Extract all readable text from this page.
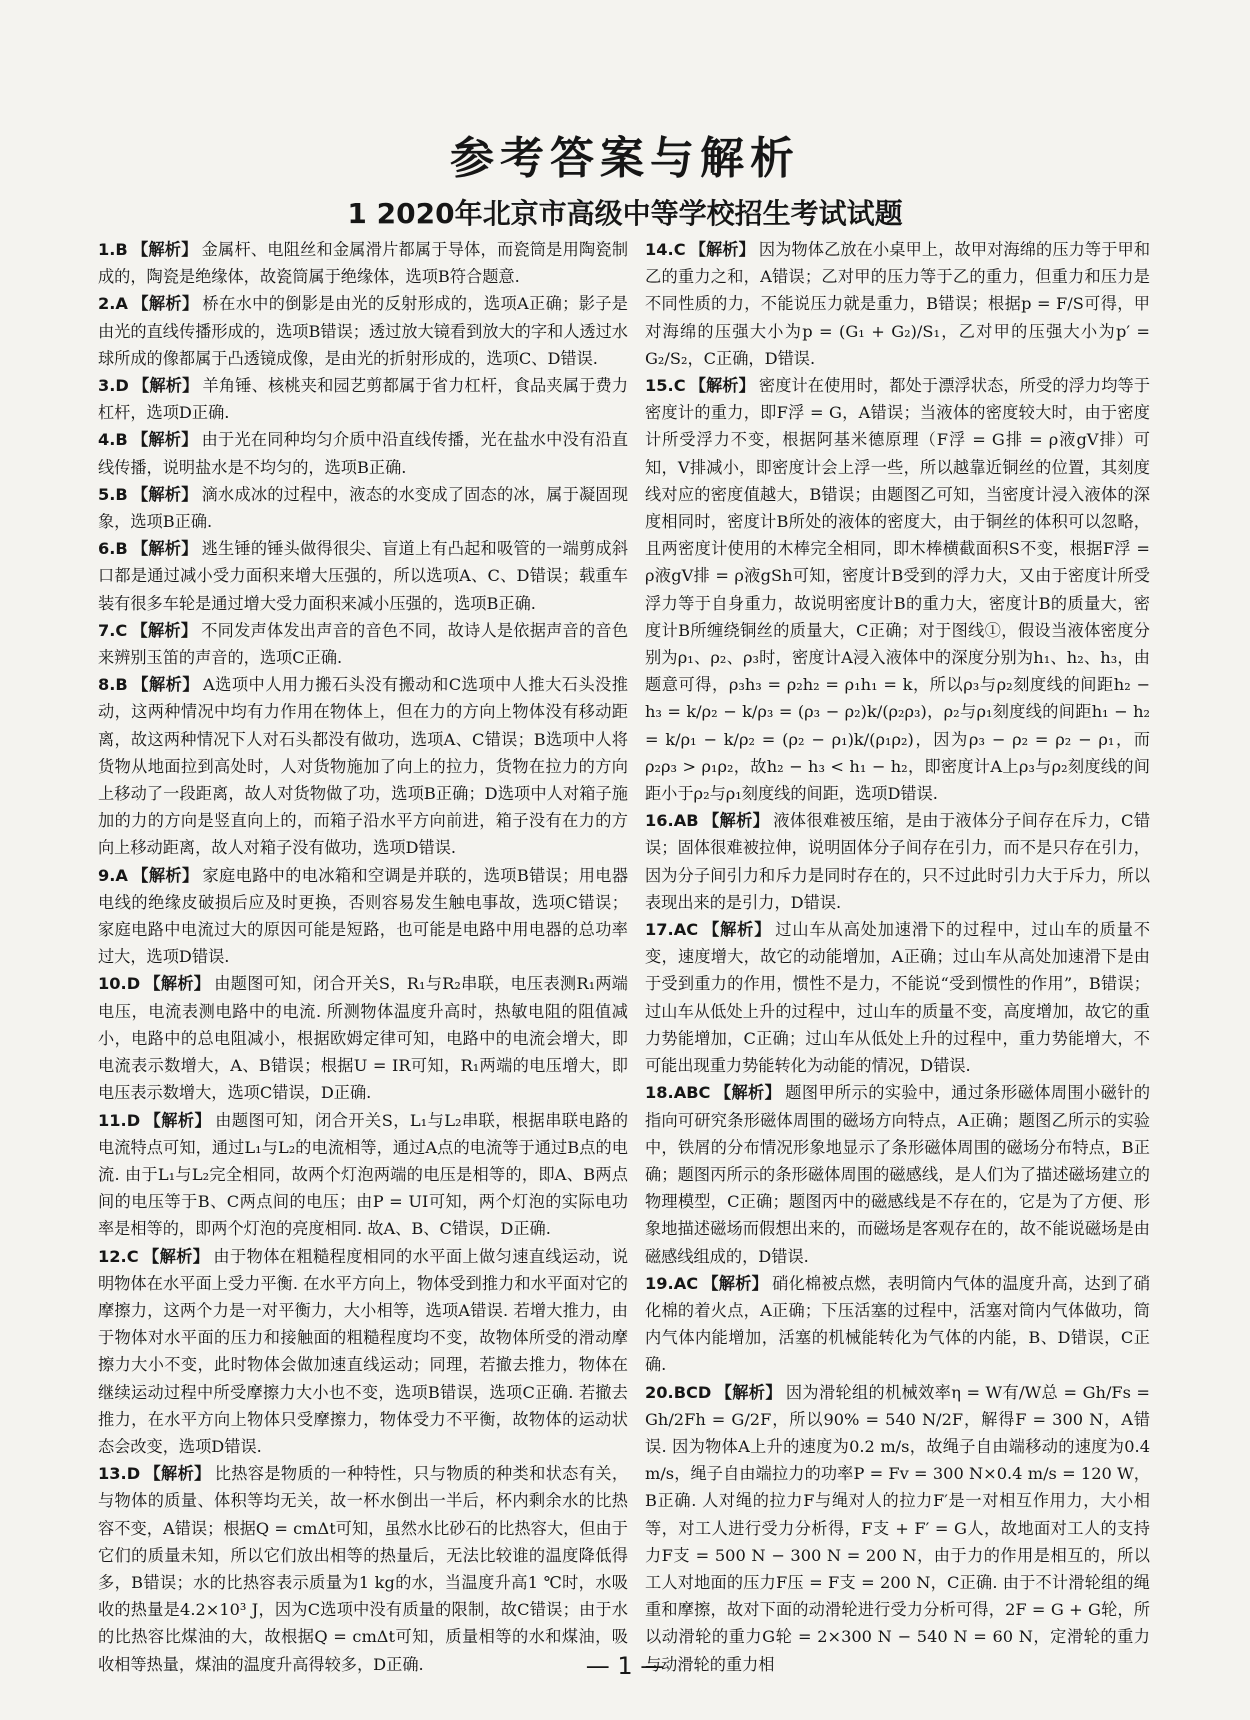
参考答案与解析
1 2020年北京市高级中等学校招生考试试题

1.B 【解析】 金属杆、电阻丝和金属滑片都属于导体，而瓷筒是用陶瓷制成的，陶瓷是绝缘体，故瓷筒属于绝缘体，选项B符合题意.

2.A 【解析】 桥在水中的倒影是由光的反射形成的，选项A正确；影子是由光的直线传播形成的，选项B错误；透过放大镜看到放大的字和人透过水球所成的像都属于凸透镜成像，是由光的折射形成的，选项C、D错误.

3.D 【解析】 羊角锤、核桃夹和园艺剪都属于省力杠杆，食品夹属于费力杠杆，选项D正确.

4.B 【解析】 由于光在同种均匀介质中沿直线传播，光在盐水中没有沿直线传播，说明盐水是不均匀的，选项B正确.

5.B 【解析】 滴水成冰的过程中，液态的水变成了固态的冰，属于凝固现象，选项B正确.

6.B 【解析】 逃生锤的锤头做得很尖、盲道上有凸起和吸管的一端剪成斜口都是通过减小受力面积来增大压强的，所以选项A、C、D错误；载重车装有很多车轮是通过增大受力面积来减小压强的，选项B正确.

7.C 【解析】 不同发声体发出声音的音色不同，故诗人是依据声音的音色来辨别玉笛的声音的，选项C正确.

8.B 【解析】 A选项中人用力搬石头没有搬动和C选项中人推大石头没推动，这两种情况中均有力作用在物体上，但在力的方向上物体没有移动距离，故这两种情况下人对石头都没有做功，选项A、C错误；B选项中人将货物从地面拉到高处时，人对货物施加了向上的拉力，货物在拉力的方向上移动了一段距离，故人对货物做了功，选项B正确；D选项中人对箱子施加的力的方向是竖直向上的，而箱子沿水平方向前进，箱子没有在力的方向上移动距离，故人对箱子没有做功，选项D错误.

9.A 【解析】 家庭电路中的电冰箱和空调是并联的，选项B错误；用电器电线的绝缘皮破损后应及时更换，否则容易发生触电事故，选项C错误；家庭电路中电流过大的原因可能是短路，也可能是电路中用电器的总功率过大，选项D错误.

10.D 【解析】 由题图可知，闭合开关S，R₁与R₂串联，电压表测R₁两端电压，电流表测电路中的电流. 所测物体温度升高时，热敏电阻的阻值减小，电路中的总电阻减小，根据欧姆定律可知，电路中的电流会增大，即电流表示数增大，A、B错误；根据U = IR可知，R₁两端的电压增大，即电压表示数增大，选项C错误，D正确.

11.D 【解析】 由题图可知，闭合开关S，L₁与L₂串联，根据串联电路的电流特点可知，通过L₁与L₂的电流相等，通过A点的电流等于通过B点的电流. 由于L₁与L₂完全相同，故两个灯泡两端的电压是相等的，即A、B两点间的电压等于B、C两点间的电压；由P = UI可知，两个灯泡的实际电功率是相等的，即两个灯泡的亮度相同. 故A、B、C错误，D正确.

12.C 【解析】 由于物体在粗糙程度相同的水平面上做匀速直线运动，说明物体在水平面上受力平衡. 在水平方向上，物体受到推力和水平面对它的摩擦力，这两个力是一对平衡力，大小相等，选项A错误. 若增大推力，由于物体对水平面的压力和接触面的粗糙程度均不变，故物体所受的滑动摩擦力大小不变，此时物体会做加速直线运动；同理，若撤去推力，物体在继续运动过程中所受摩擦力大小也不变，选项B错误，选项C正确. 若撤去推力，在水平方向上物体只受摩擦力，物体受力不平衡，故物体的运动状态会改变，选项D错误.

13.D 【解析】 比热容是物质的一种特性，只与物质的种类和状态有关，与物体的质量、体积等均无关，故一杯水倒出一半后，杯内剩余水的比热容不变，A错误；根据Q = cmΔt可知，虽然水比砂石的比热容大，但由于它们的质量未知，所以它们放出相等的热量后，无法比较谁的温度降低得多，B错误；水的比热容表示质量为1 kg的水，当温度升高1 ℃时，水吸收的热量是4.2×10³ J，因为C选项中没有质量的限制，故C错误；由于水的比热容比煤油的大，故根据Q = cmΔt可知，质量相等的水和煤油，吸收相等热量，煤油的温度升高得较多，D正确.

14.C 【解析】 因为物体乙放在小桌甲上，故甲对海绵的压力等于甲和乙的重力之和，A错误；乙对甲的压力等于乙的重力，但重力和压力是不同性质的力，不能说压力就是重力，B错误；根据p = F/S可得，甲对海绵的压强大小为p = (G₁ + G₂)/S₁，乙对甲的压强大小为p′ = G₂/S₂，C正确，D错误.

15.C 【解析】 密度计在使用时，都处于漂浮状态，所受的浮力均等于密度计的重力，即F浮 = G，A错误；当液体的密度较大时，由于密度计所受浮力不变，根据阿基米德原理（F浮 = G排 = ρ液gV排）可知，V排减小，即密度计会上浮一些，所以越靠近铜丝的位置，其刻度线对应的密度值越大，B错误；由题图乙可知，当密度计浸入液体的深度相同时，密度计B所处的液体的密度大，由于铜丝的体积可以忽略，且两密度计使用的木棒完全相同，即木棒横截面积S不变，根据F浮 = ρ液gV排 = ρ液gSh可知，密度计B受到的浮力大，又由于密度计所受浮力等于自身重力，故说明密度计B的重力大，密度计B的质量大，密度计B所缠绕铜丝的质量大，C正确；对于图线①，假设当液体密度分别为ρ₁、ρ₂、ρ₃时，密度计A浸入液体中的深度分别为h₁、h₂、h₃，由题意可得，ρ₃h₃ = ρ₂h₂ = ρ₁h₁ = k，所以ρ₃与ρ₂刻度线的间距h₂ − h₃ = k/ρ₂ − k/ρ₃ = (ρ₃ − ρ₂)k/(ρ₂ρ₃)，ρ₂与ρ₁刻度线的间距h₁ − h₂ = k/ρ₁ − k/ρ₂ = (ρ₂ − ρ₁)k/(ρ₁ρ₂)，因为ρ₃ − ρ₂ = ρ₂ − ρ₁，而ρ₂ρ₃ > ρ₁ρ₂，故h₂ − h₃ < h₁ − h₂，即密度计A上ρ₃与ρ₂刻度线的间距小于ρ₂与ρ₁刻度线的间距，选项D错误.

16.AB 【解析】 液体很难被压缩，是由于液体分子间存在斥力，C错误；固体很难被拉伸，说明固体分子间存在引力，而不是只存在引力，因为分子间引力和斥力是同时存在的，只不过此时引力大于斥力，所以表现出来的是引力，D错误.

17.AC 【解析】 过山车从高处加速滑下的过程中，过山车的质量不变，速度增大，故它的动能增加，A正确；过山车从高处加速滑下是由于受到重力的作用，惯性不是力，不能说“受到惯性的作用”，B错误；过山车从低处上升的过程中，过山车的质量不变，高度增加，故它的重力势能增加，C正确；过山车从低处上升的过程中，重力势能增大，不可能出现重力势能转化为动能的情况，D错误.

18.ABC 【解析】 题图甲所示的实验中，通过条形磁体周围小磁针的指向可研究条形磁体周围的磁场方向特点，A正确；题图乙所示的实验中，铁屑的分布情况形象地显示了条形磁体周围的磁场分布特点，B正确；题图丙所示的条形磁体周围的磁感线，是人们为了描述磁场建立的物理模型，C正确；题图丙中的磁感线是不存在的，它是为了方便、形象地描述磁场而假想出来的，而磁场是客观存在的，故不能说磁场是由磁感线组成的，D错误.

19.AC 【解析】 硝化棉被点燃，表明筒内气体的温度升高，达到了硝化棉的着火点，A正确；下压活塞的过程中，活塞对筒内气体做功，筒内气体内能增加，活塞的机械能转化为气体的内能，B、D错误，C正确.

20.BCD 【解析】 因为滑轮组的机械效率η = W有/W总 = Gh/Fs = Gh/2Fh = G/2F，所以90% = 540 N/2F，解得F = 300 N，A错误. 因为物体A上升的速度为0.2 m/s，故绳子自由端移动的速度为0.4 m/s，绳子自由端拉力的功率P = Fv = 300 N×0.4 m/s = 120 W，B正确. 人对绳的拉力F与绳对人的拉力F′是一对相互作用力，大小相等，对工人进行受力分析得，F支 + F′ = G人，故地面对工人的支持力F支 = 500 N − 300 N = 200 N，由于力的作用是相互的，所以工人对地面的压力F压 = F支 = 200 N，C正确. 由于不计滑轮组的绳重和摩擦，故对下面的动滑轮进行受力分析可得，2F = G + G轮，所以动滑轮的重力G轮 = 2×300 N − 540 N = 60 N，定滑轮的重力与动滑轮的重力相

— 1 —
